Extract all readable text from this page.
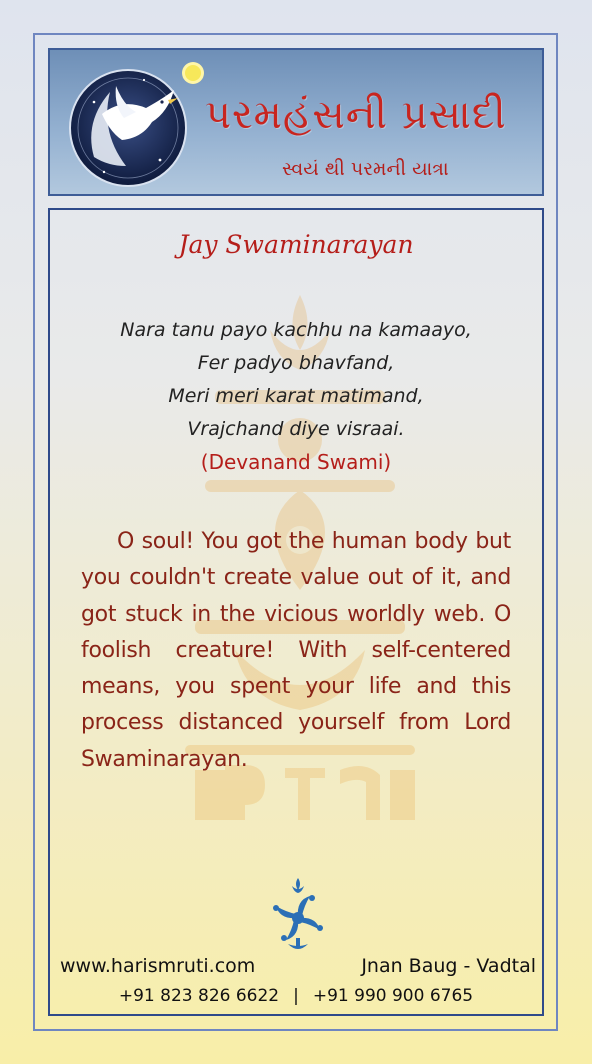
પરમહંસની પ્રસાદી
સ્વયં થી પરમની યાત્રા
Jay Swaminarayan
Nara tanu payo kachhu na kamaayo,
Fer padyo bhavfand,
Meri meri karat matimand,
Vrajchand diye visraai.
(Devanand Swami)
O soul! You got the human body but you couldn't create value out of it, and got stuck in the vicious worldly web. O foolish creature! With self-centered means, you spent your life and this process distanced yourself from Lord Swaminarayan.
www.harismruti.com	Jnan Baug - Vadtal
+91 823 826 6622 | +91 990 900 6765
